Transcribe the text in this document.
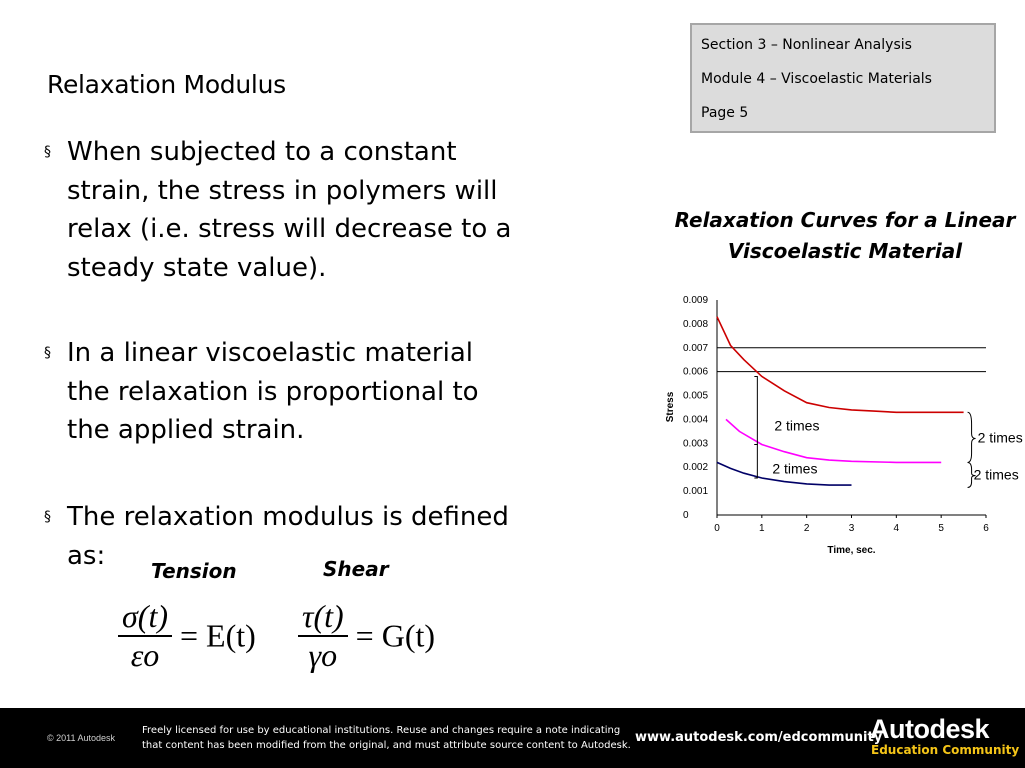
Relaxation Modulus
Section 3 – Nonlinear Analysis
Module 4 – Viscoelastic Materials
Page 5
§ When subjected to a constant
strain, the stress in polymers will
relax (i.e. stress will decrease to a
steady state value).
§ In a linear viscoelastic material
the relaxation is proportional to
the applied strain.
§ The relaxation modulus is defined
as:
Tension	Shear
$\frac{\sigma(t)}{\varepsilon o} = E(t) \frac{\tau(t)}{\gamma o} = G(t)$
Relaxation Curves for a Linear Viscoelastic Material
0
0.001
0.002
0.003
0.004
0.005
0.006
0.007
0.008
0.009
0	1	2	3	4	5	6
Time, sec.
Stress
2 times
2 times
2 times
2 times
© 2011 Autodesk
Freely licensed for use by educational institutions. Reuse and changes require a note indicating
that content has been modified from the original, and must attribute source content to Autodesk.
www.autodesk.com/edcommunity
Autodesk
Education Community
